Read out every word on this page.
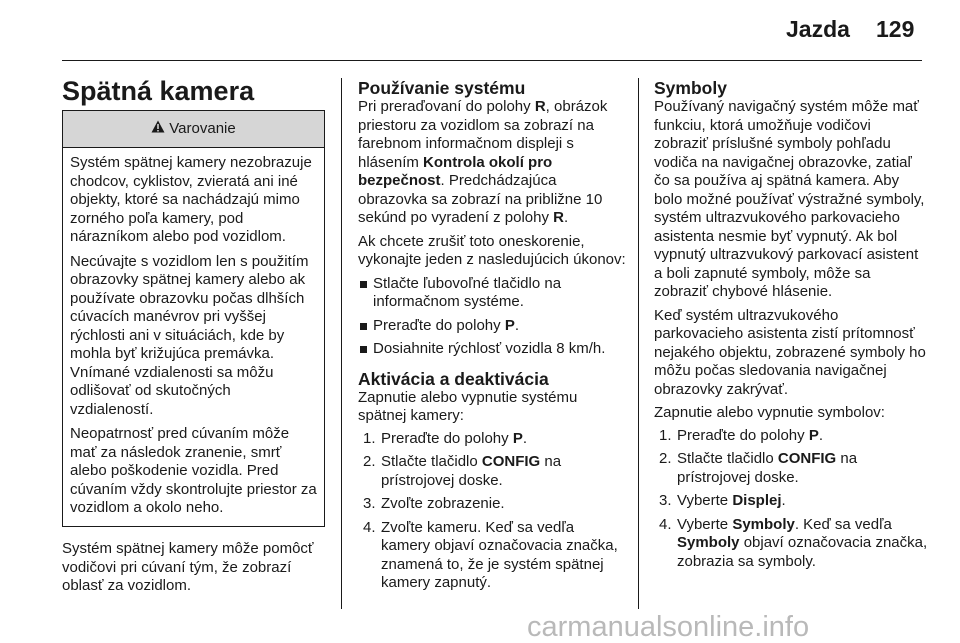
Jazda 129
Spätná kamera
Varovanie

Systém spätnej kamery nezobrazuje chodcov, cyklistov, zvieratá ani iné objekty, ktoré sa nachádzajú mimo zorného poľa kamery, pod nárazníkom alebo pod vozidlom.

Necúvajte s vozidlom len s použitím obrazovky spätnej kamery alebo ak používate obrazovku počas dlhších cúvacích manévrov pri vyššej rýchlosti ani v situáciách, kde by mohla byť križujúca premávka. Vnímané vzdialenosti sa môžu odlišovať od skutočných vzdialeností.

Neopatrnosť pred cúvaním môže mať za následok zranenie, smrť alebo poškodenie vozidla. Pred cúvaním vždy skontrolujte priestor za vozidlom a okolo neho.

Systém spätnej kamery môže pomôcť vodičovi pri cúvaní tým, že zobrazí oblasť za vozidlom.

Používanie systému

Pri preraďovaní do polohy R, obrázok priestoru za vozidlom sa zobrazí na farebnom informačnom displeji s hlásením Kontrola okolí pro bezpečnost. Predchádzajúca obrazovka sa zobrazí na približne 10 sekúnd po vyradení z polohy R.

Ak chcete zrušiť toto oneskorenie, vykonajte jeden z nasledujúcich úkonov:

Stlačte ľubovoľné tlačidlo na informačnom systéme.
Preraďte do polohy P.
Dosiahnite rýchlosť vozidla 8 km/h.
Aktivácia a deaktivácia

Zapnutie alebo vypnutie systému spätnej kamery:

1. Preraďte do polohy P.
2. Stlačte tlačidlo CONFIG na prístrojovej doske.
3. Zvoľte zobrazenie.
4. Zvoľte kameru. Keď sa vedľa kamery objaví označovacia značka, znamená to, že je systém spätnej kamery zapnutý.
Symboly

Používaný navigačný systém môže mať funkciu, ktorá umožňuje vodičovi zobraziť príslušné symboly pohľadu vodiča na navigačnej obrazovke, zatiaľ čo sa používa aj spätná kamera. Aby bolo možné používať výstražné symboly, systém ultrazvukového parkovacieho asistenta nesmie byť vypnutý. Ak bol vypnutý ultrazvukový parkovací asistent a boli zapnuté symboly, môže sa zobraziť chybové hlásenie.

Keď systém ultrazvukového parkovacieho asistenta zistí prítomnosť nejakého objektu, zobrazené symboly ho môžu počas sledovania navigačnej obrazovky zakrývať.

Zapnutie alebo vypnutie symbolov:

1. Preraďte do polohy P.
2. Stlačte tlačidlo CONFIG na prístrojovej doske.
3. Vyberte Displej.
4. Vyberte Symboly. Keď sa vedľa Symboly objaví označovacia značka, zobrazia sa symboly.
carmanualsonline.info
